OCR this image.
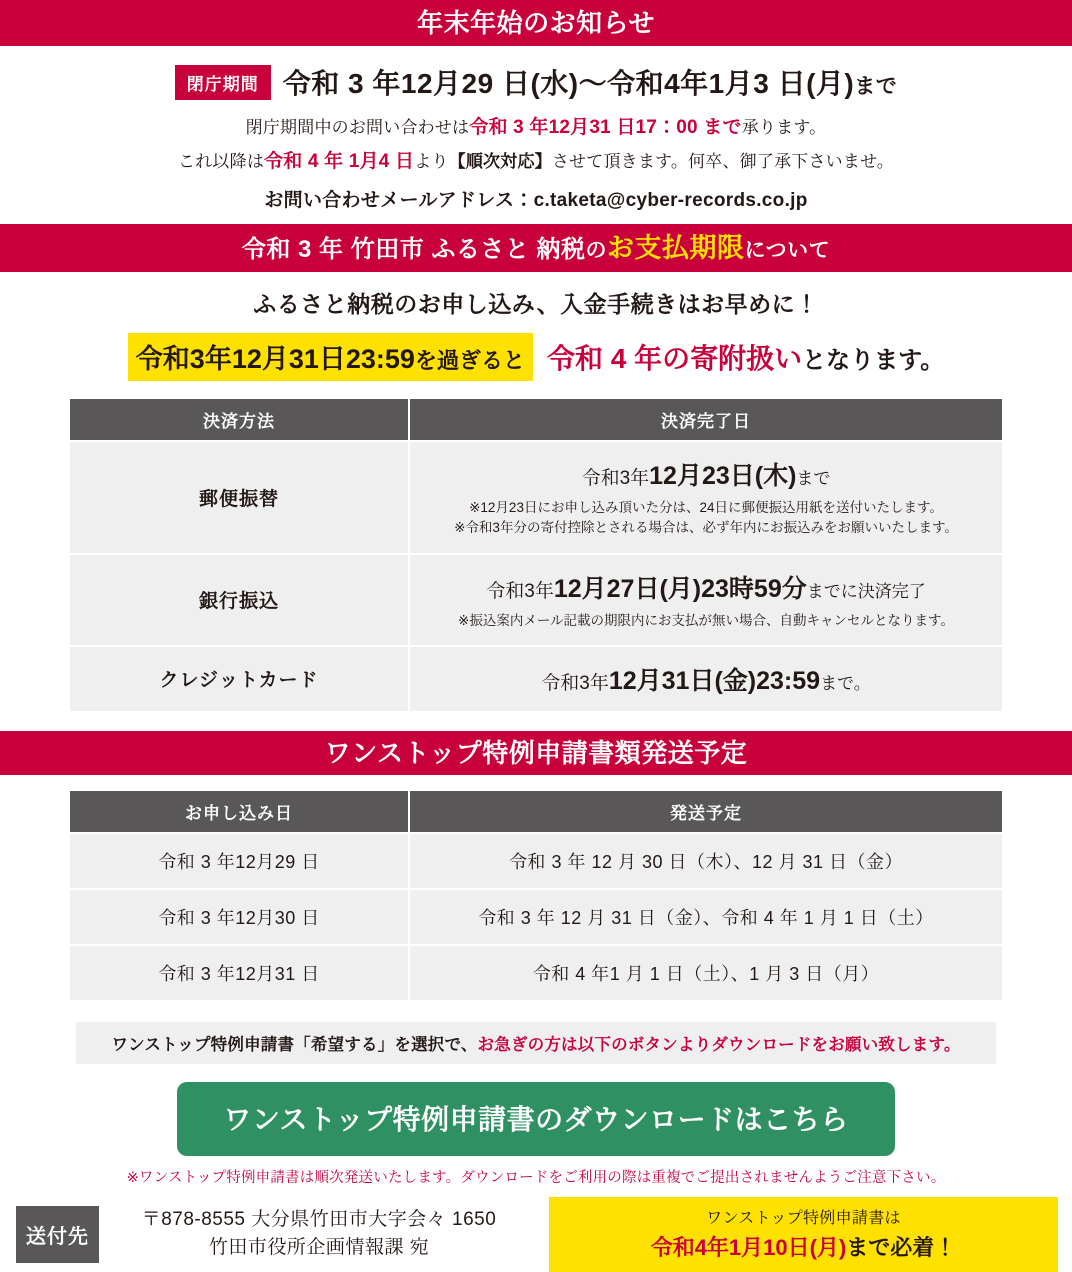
年末年始のお知らせ
閉庁期間 令和 3 年12月29 日(水)〜令和4年1月3 日(月)まで
閉庁期間中のお問い合わせは令和 3 年12月31 日17：00 まで承ります。
これ以降は令和 4 年 1月4 日より【順次対応】させて頂きます。何卒、御了承下さいませ。
お問い合わせメールアドレス：c.taketa@cyber-records.co.jp
令和 3 年 竹田市 ふるさと 納税のお支払期限について
ふるさと納税のお申し込み、入金手続きはお早めに！
令和3年12月31日23:59を過ぎると 令和 4 年の寄附扱いとなります。
決済方法	決済完了日
郵便振替	令和3年12月23日(木)まで
※12月23日にお申し込み頂いた分は、24日に郵便振込用紙を送付いたします。
※令和3年分の寄付控除とされる場合は、必ず年内にお振込みをお願いいたします。

銀行振込	令和3年12月27日(月)23時59分までに決済完了
※振込案内メール記載の期限内にお支払が無い場合、自動キャンセルとなります。

クレジットカード	令和3年12月31日(金)23:59まで。
ワンストップ特例申請書類発送予定
お申し込み日	発送予定
令和 3 年12月29 日	令和 3 年 12 月 30 日（木）、12 月 31 日（金）
令和 3 年12月30 日	令和 3 年 12 月 31 日（金）、令和 4 年 1 月 1 日（土）
令和 3 年12月31 日	令和 4 年1 月 1 日（土）、1 月 3 日（月）
ワンストップ特例申請書「希望する」を選択で、お急ぎの方は以下のボタンよりダウンロードをお願い致します。
ワンストップ特例申請書のダウンロードはこちら
※ワンストップ特例申請書は順次発送いたします。ダウンロードをご利用の際は重複でご提出されませんようご注意下さい。
送付先
〒878-8555 大分県竹田市大字会々 1650
竹田市役所企画情報課 宛
ワンストップ特例申請書は
令和4年1月10日(月)まで必着！
